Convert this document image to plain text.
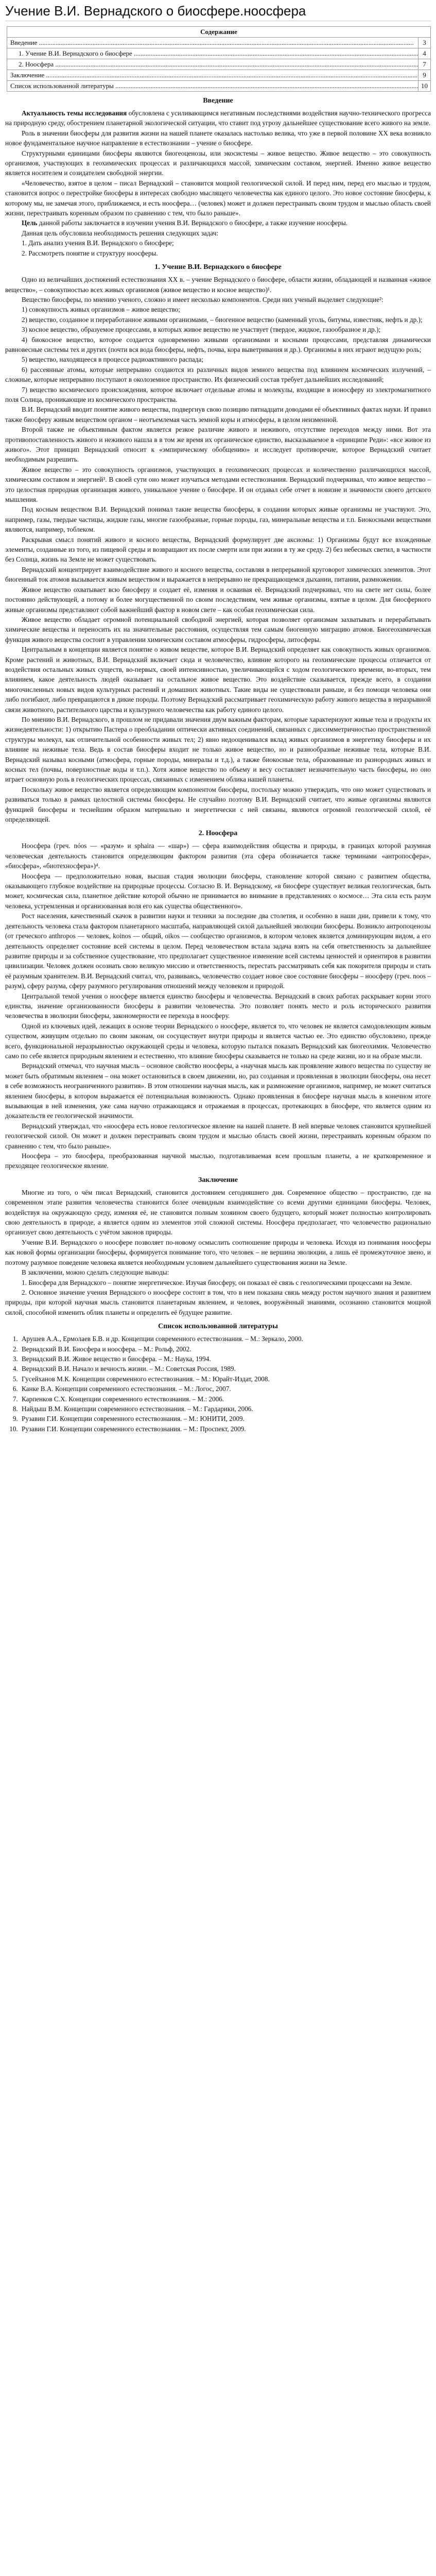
Учение В.И. Вернадского о биосфере.ноосфера
Содержание	
Введение .....	3
1. Учение В.И. Вернадского о биосфере .....	4
2. Ноосфера .....	7
Заключение .....	9
Список использованной литературы .....	10
Введение

Актуальность темы исследования обусловлена с усиливающимся негативным последствиями воздействия научно-технического прогресса на природную среду, обострением планетарной экологической ситуации, что ставит под угрозу дальнейшее существование всего живого на земле.

Роль в значении биосферы для развития жизни на нашей планете оказалась настолько велика, что уже в первой половине XX века возникло новое фундаментальное научное направление в естествознании – учение о биосфере.

Структурными единицами биосферы являются биогеоценозы, или экосистемы – живое вещество. Живое вещество – это совокупность организмов, участвующих в геохимических процессах и различающихся массой, химическим составом, энергией. Именно живое вещество является носителем и созидателем свободной энергии.

«Человечество, взятое в целом – писал Вернадский – становится мощной геологической силой. И перед ним, перед его мыслью и трудом, становится вопрос о перестройке биосферы в интересах свободно мыслящего человечества как единого целого. Это новое состояние биосферы, к которому мы, не замечая этого, приближаемся, и есть ноосфера… (человек) может и должен перестраивать своим трудом и мыслью область своей жизни, перестраивать коренным образом по сравнению с тем, что было раньше».

Цель данной работы заключается в изучении учения В.И. Вернадского о биосфере, а также изучение ноосферы.

Данная цель обусловила необходимость решения следующих задач:

1. Дать анализ учения В.И. Вернадского о биосфере;

2. Рассмотреть понятие и структуру ноосферы.

1. Учение В.И. Вернадского о биосфере

Одно из величайших достижений естествознания XX в. – учение Вернадского о биосфере, области жизни, обладающей и названная «живое вещество», – совокупностью всех живых организмов (живое вещество и косное вещество)¹.

Вещество биосферы, по мнению ученого, сложно и имеет несколько компонентов. Среди них ученый выделяет следующие²:

1) совокупность живых организмов – живое вещество;

2) вещество, созданное и переработанное живыми организмами, – биогенное вещество (каменный уголь, битумы, известняк, нефть и др.);

3) косное вещество, образуемое процессами, в которых живое вещество не участвует (твердое, жидкое, газообразное и др.);

4) биокосное вещество, которое создается одновременно живыми организмами и косными процессами, представляя динамически равновесные системы тех и других (почти вся вода биосферы, нефть, почва, кора выветривания и др.). Организмы в них играют ведущую роль;

5) вещество, находящееся в процессе радиоактивного распада;

6) рассеянные атомы, которые непрерывно создаются из различных видов земного вещества под влиянием космических излучений, – сложные, которые непрерывно поступают в околоземное пространство. Их физический состав требует дальнейших исследований;

7) вещество космического происхождения, которое включает отдельные атомы и молекулы, входящие в ионосферу из электромагнитного поля Солнца, проникающие из космического пространства.

В.И. Вернадский вводит понятие живого вещества, подвергнув свою позицию пятнадцати доводами её объективных фактах науки. И правил также биосферу живым веществом органом – неотъемлемая часть земной коры и атмосферы, в целом неизменной.

Второй также не объективным фактом является резкое различие живого и неживого, отсутствие переходов между ними. Вот эта противопоставленность живого и неживого нашла в в том же время их органическое единство, высказываемое в «принципе Реди»: «все живое из живого». Этот принцип Вернадский относит к «эмпирическому обобщению» и исследует противоречие, которое Вернадский считает необходимым разрешить.

Живое вещество – это совокупность организмов, участвующих в геохимических процессах и количественно различающихся массой, химическим составом и энергией³. В своей сути оно может изучаться методами естествознания. Вернадский подчеркивал, что живое вещество – это целостная природная организация живого, уникальное учение о биосфере. И он отдавал себе отчет в новизне и значимости своего детского мышления.

Под косным веществом В.И. Вернадский понимал такие вещества биосферы, в создании которых живые организмы не участвуют. Это, например, газы, твердые частицы, жидкие газы, многие газообразные, горные породы, газ, минеральные вещества и т.п. Биокосными веществами являются, например, тоблеком.

Раскрывая смысл понятий живого и косного вещества, Вернадский формулирует две аксиомы: 1) Организмы будут все вхожденные элементы, созданные из того, из пищевой среды и возвращают их после смерти или при жизни в ту же среду. 2) без небесных светил, в частности без Солнца, жизнь на Земле не может существовать.

Вернадский концентрирует взаимодействие живого и косного вещества, составляя в непрерывной круговорот химических элементов. Этот биогенный ток атомов вызывается живым веществом и выражается в непрерывно не прекращающемся дыхании, питании, размножении.

Живое вещество охватывает всю биосферу и создает её, изменяя и осваивая её. Вернадский подчеркивал, что на свете нет силы, более постоянно действующей, а потому и более могущественной по своим последствиям, чем живые организмы, взятые в целом. Для биосферного живые организмы представляют собой важнейший фактор в новом свете – как особая геохимическая сила.

Живое вещество обладает огромной потенциальной свободной энергией, которая позволяет организмам захватывать и перерабатывать химические вещества и переносить их на значительные расстояния, осуществляя тем самым биогенную миграцию атомов. Биогеохимическая функция живого вещества состоит в управлении химическим составом атмосферы, гидросферы, литосферы.

Центральным в концепции является понятие о живом веществе, которое В.И. Вернадский определяет как совокупность живых организмов. Кроме растений и животных, В.И. Вернадский включает сюда и человечество, влияние которого на геохимические процессы отличается от воздействия остальных живых существ, во-первых, своей интенсивностью, увеличивающейся с ходом геологического времени, во-вторых, тем влиянием, какое деятельность людей оказывает на остальное живое вещество. Это воздействие сказывается, прежде всего, в создании многочисленных новых видов культурных растений и домашних животных. Такие виды не существовали раньше, и без помощи человека они либо погибают, либо превращаются в дикие породы. Поэтому Вернадский рассматривает геохимическую работу живого вещества в неразрывной связи животного, растительного царства и культурного человечества как работу единого целого.

По мнению В.И. Вернадского, в прошлом не придавали значения двум важным факторам, которые характеризуют живые тела и продукты их жизнедеятельности: 1) открытию Пастера о преобладании оптически активных соединений, связанных с диссимметричностью пространственной структуры молекул, как отличительной особенности живых тел; 2) явно недооценивался вклад живых организмов в энергетику биосферы и их влияние на неживые тела. Ведь в состав биосферы входит не только живое вещество, но и разнообразные неживые тела, которые В.И. Вернадский называл косными (атмосфера, горные породы, минералы и т.д.), а также биокосные тела, образованные из разнородных живых и косных тел (почвы, поверхностные воды и т.п.). Хотя живое вещество по объему и весу составляет незначительную часть биосферы, но оно играет основную роль в геологических процессах, связанных с изменением облика нашей планеты.

Поскольку живое вещество является определяющим компонентом биосферы, постольку можно утверждать, что оно может существовать и развиваться только в рамках целостной системы биосферы. Не случайно поэтому В.И. Вернадский считает, что живые организмы являются функцией биосферы и теснейшим образом материально и энергетически с ней связаны, являются огромной геологической силой, её определяющей.

2. Ноосфера

Ноосфера (греч. nóos — «разум» и sphaira — «шар») — сфера взаимодействия общества и природы, в границах которой разумная человеческая деятельность становится определяющим фактором развития (эта сфера обозначается также терминами «антропосфера», «биосфера», «биотехносфера»)⁴.

Ноосфера — предположительно новая, высшая стадия эволюции биосферы, становление которой связано с развитием общества, оказывающего глубокое воздействие на природные процессы. Согласно В. И. Вернадскому, «в биосфере существует великая геологическая, быть может, космическая сила, планетное действие которой обычно не принимается во внимание в представлениях о космосе… Эта сила есть разум человека, устремленная и организованная воля его как существа общественного».

Рост населения, качественный скачок в развитии науки и техники за последние два столетия, и особенно в наши дни, привели к тому, что деятельность человека стала фактором планетарного масштаба, направляющей силой дальнейшей эволюции биосферы. Возникло антропоценозы (от греческого anthropos — человек, koinos — общий, oikos — сообщество организмов, в котором человек является доминирующим видом, а его деятельность определяет состояние всей системы в целом. Перед человечеством встала задача взять на себя ответственность за дальнейшее развитие природы и за собственное существование, что предполагает существенное изменение всей системы ценностей и ориентиров в развитии цивилизации. Человек должен осознать свою великую миссию и ответственность, перестать рассматривать себя как покорителя природы и стать её разумным хранителем. В.И. Вернадский считал, что, развиваясь, человечество создает новое свое состояние биосферы – ноосферу (греч. noos – разум), сферу разума, сферу разумного регулирования отношений между человеком и природой.

Центральной темой учения о ноосфере является единство биосферы и человечества. Вернадский в своих работах раскрывает корни этого единства, значение организованности биосферы в развитии человечества. Это позволяет понять место и роль исторического развития человечества в эволюции биосферы, закономерности ее перехода в ноосферу.

Одной из ключевых идей, лежащих в основе теории Вернадского о ноосфере, является то, что человек не является самодовлеющим живым существом, живущим отдельно по своим законам, он сосуществует внутри природы и является частью ее. Это единство обусловлено, прежде всего, функциональной неразрывностью окружающей среды и человека, которую пытался показать Вернадский как биогеохимик. Человечество само по себе является природным явлением и естественно, что влияние биосферы сказывается не только на среде жизни, но и на образе мысли.

Вернадский отмечал, что научная мысль – основное свойство ноосферы, а «научная мысль как проявление живого вещества по существу не может быть обратимым явлением – она может остановиться в своем движении, но, раз созданная и проявленная в эволюции биосферы, она несет в себе возможность неограниченного развития». В этом отношении научная мысль, как и размножение организмов, например, не может считаться явлением биосферы, в котором выражается её потенциальная возможность. Однако проявленная в биосфере научная мысль в конечном итоге вызывающая в ней изменения, уже сама научно отражающаяся и отражаемая в процессах, протекающих в биосфере, что является одним из доказательств ее геологической значимости.

Вернадский утверждал, что «ноосфера есть новое геологическое явление на нашей планете. В ней впервые человек становится крупнейшей геологической силой. Он может и должен перестраивать своим трудом и мыслью область своей жизни, перестраивать коренным образом по сравнению с тем, что было раньше».

Ноосфера – это биосфера, преобразованная научной мыслью, подготавливаемая всем прошлым планеты, а не кратковременное и преходящее геологическое явление.

Заключение

Многие из того, о чём писал Вернадский, становится достоянием сегодняшнего дня. Современное общество – пространство, где на современном этапе развития человечества становится более очевидным взаимодействие со всеми другими единицами биосферы. Человек, воздействуя на окружающую среду, изменяя её, не становится полным хозяином своего будущего, который может полностью контролировать свою деятельность в природе, а является одним из элементов этой сложной системы. Ноосфера предполагает, что человечество рационально организует свою деятельность с учётом законов природы.

Учение В.И. Вернадского о ноосфере позволяет по-новому осмыслить соотношение природы и человека. Исходя из понимания ноосферы как новой формы организации биосферы, формируется понимание того, что человек – не вершина эволюции, а лишь её промежуточное звено, и поэтому разумное поведение человека является необходимым условием дальнейшего существования жизни на Земле.

В заключении, можно сделать следующие выводы:

1. Биосфера для Вернадского – понятие энергетическое. Изучая биосферу, он показал её связь с геологическими процессами на Земле.

2. Основное значение учения Вернадского о ноосфере состоит в том, что в нем показана связь между ростом научного знания и развитием природы, при которой научная мысль становится планетарным явлением, и человек, вооружённый знаниями, осознанно становится мощной силой, способной изменить облик планеты и определить её будущее развитие.

Список использованной литературы
1. Арушев А.А., Ермолаев Б.В. и др. Концепции современного естествознания. – М.: Зеркало, 2000.
2. Вернадский В.И. Биосфера и ноосфера. – М.: Рольф, 2002.
3. Вернадский В.И. Живое вещество и биосфера. – М.: Наука, 1994.
4. Вернадский В.И. Начало и вечность жизни. – М.: Советская Россия, 1989.
5. Гусейханов М.К. Концепции современного естествознания. – М.: Юрайт-Издат, 2008.
6. Канке В.А. Концепции современного естествознания. – М.: Логос, 2007.
7. Карпенков С.Х. Концепции современного естествознания. – М.: 2006.
8. Найдыш В.М. Концепции современного естествознания. – М.: Гардарики, 2006.
9. Рузавин Г.И. Концепции современного естествознания. – М.: ЮНИТИ, 2009.
10. Рузавин Г.И. Концепции современного естествознания. – М.: Проспект, 2009.
